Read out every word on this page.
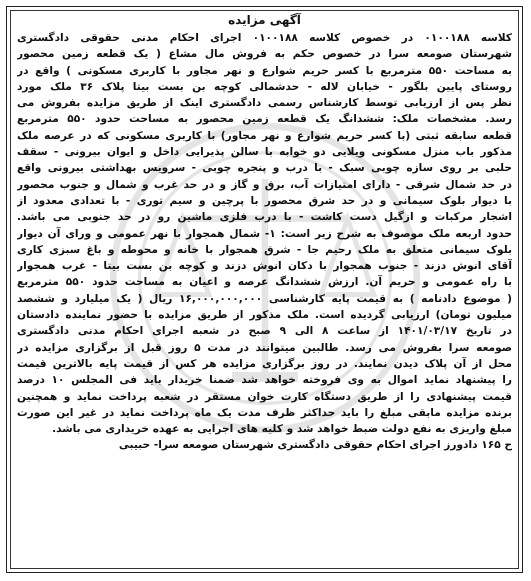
آگهی مزایده
کلاسه ۰۱۰۰۱۸۸ در خصوص کلاسه ۰۱۰۰۱۸۸ اجرای احکام مدنی حقوقی دادگستری
شهرستان صومعه سرا در خصوص حکم به فروش مال مشاع ( یک قطعه زمین محصور
به مساحت ۵۵۰ مترمربع با کسر حریم شوارع و نهر مجاور با کاربری مسکونی ) واقع در
روستای پایین بلگور - خیابان لاله - حدشمالی کوچه بن بست بیتا پلاک ۳۶ ملک مورد
نظر پس از ارزیابی توسط کارشناس رسمی دادگستری اینک از طریق مزایده بفروش می
رسد. مشخصات ملک: ششدانگ یک قطعه زمین محصور به مساحت حدود ۵۵۰ مترمربع
قطعه سابقه ثبتی (با کسر حریم شوارع و نهر مجاور) با کاربری مسکونی که در عرصه ملک
مذکور باب منزل مسکونی ویلایی دو خوابه با سالن پذیرایی داخل و ایوان بیرونی - سقف
حلبی بر روی سازه چوبی سبک - با درب و پنجره چوبی - سرویس بهداشتی بیرونی واقع
در حد شمال شرقی - دارای امتیازات آب، برق و گاز و در حد غرب و شمال و جنوب محصور
با دیوار بلوک سیمانی و در حد شرق محصور با پرچین و سیم توری - با تعدادی معدود از
اشجار مرکبات و ازگیل دست کاشت - با درب فلزی ماشین رو در حد جنوبی می باشد.
حدود اربعه ملک موصوف به شرح زیر است: ۱- شمال همجوار با نهر عمومی و ورای آن دیوار
بلوک سیمانی متعلق به ملک رحیم جا - شرق همجوار با خانه و محوطه و باغ سبزی کاری
آقای انوش دزند - جنوب همجوار با دکان انوش دزند و کوچه بن بست بیتا - غرب همجوار
با راه عمومی و حریم آن. ارزش ششدانگ عرصه و اعیان به مساحت حدود ۵۵۰ مترمربع
( موضوع دادنامه ) به قیمت پایه کارشناسی ۱۶,۰۰۰,۰۰۰,۰۰۰ ریال ( یک میلیارد و ششصد
میلیون تومان) ارزیابی گردیده است. ملک مذکور از طریق مزایده با حضور نماینده دادستان
در تاریخ ۱۴۰۱/۰۳/۱۷ از ساعت ۸ الی ۹ صبح در شعبه اجرای احکام مدنی دادگستری
صومعه سرا بفروش می رسد. طالبین میتوانند در مدت ۵ روز قبل از برگزاری مزایده در
محل از آن پلاک دیدن نمایند. در روز برگزاری مزایده هر کس از قیمت پایه بالاترین قیمت
را پیشنهاد نماید اموال به وی فروخته خواهد شد ضمنا خریدار باید فی المجلس ۱۰ درصد
قیمت پیشنهادی را از طریق دستگاه کارت خوان مستقر در شعبه پرداخت نماید و همچنین
برنده مزایده مابقی مبلغ را باید حداکثر ظرف مدت یک ماه پرداخت نماید در غیر این صورت
مبلغ واریزی به نفع دولت ضبط خواهد شد و کلیه های اجرایی به عهده خریداری می باشد.
ح ۱۶۵ دادورز اجرای احکام حقوقی دادگستری شهرستان صومعه سرا- حبیبی
